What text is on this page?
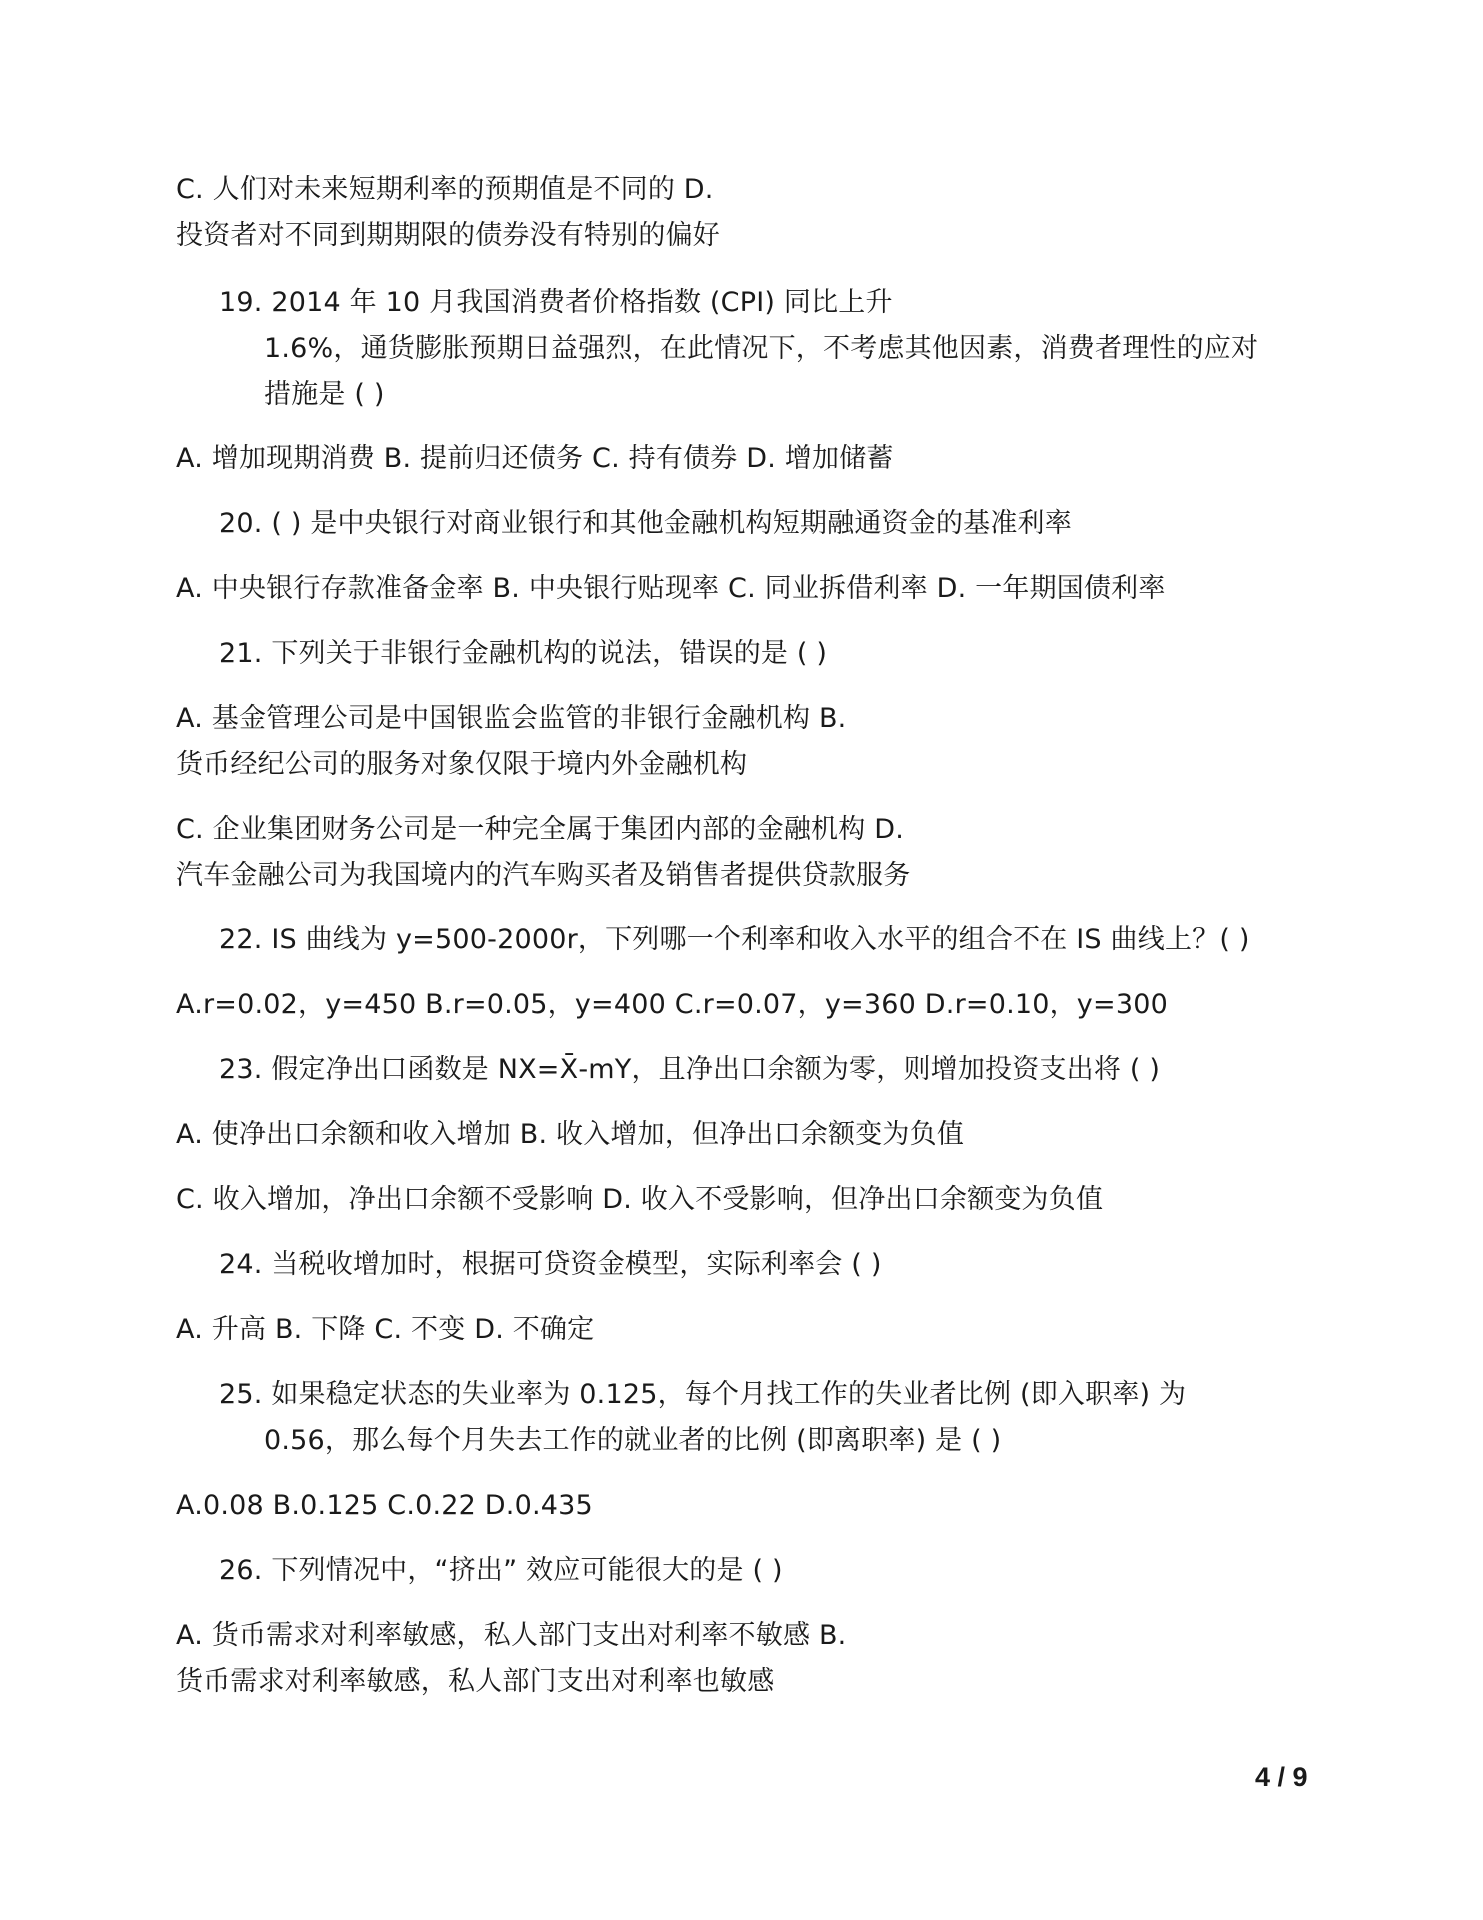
C. 人们对未来短期利率的预期值是不同的 D.
投资者对不同到期期限的债券没有特别的偏好
19. 2014 年 10 月我国消费者价格指数 (CPI) 同比上升
1.6%，通货膨胀预期日益强烈，在此情况下，不考虑其他因素，消费者理性的应对
措施是 ( )
A. 增加现期消费 B. 提前归还债务 C. 持有债券 D. 增加储蓄
20. ( ) 是中央银行对商业银行和其他金融机构短期融通资金的基准利率
A. 中央银行存款准备金率 B. 中央银行贴现率 C. 同业拆借利率 D. 一年期国债利率
21. 下列关于非银行金融机构的说法，错误的是 ( )
A. 基金管理公司是中国银监会监管的非银行金融机构 B.
货币经纪公司的服务对象仅限于境内外金融机构
C. 企业集团财务公司是一种完全属于集团内部的金融机构 D.
汽车金融公司为我国境内的汽车购买者及销售者提供贷款服务
22. IS 曲线为 y=500-2000r，下列哪一个利率和收入水平的组合不在 IS 曲线上？( )
A.r=0.02，y=450 B.r=0.05，y=400 C.r=0.07，y=360 D.r=0.10，y=300
23. 假定净出口函数是 NX=X̄-mY，且净出口余额为零，则增加投资支出将 ( )
A. 使净出口余额和收入增加 B. 收入增加，但净出口余额变为负值
C. 收入增加，净出口余额不受影响 D. 收入不受影响，但净出口余额变为负值
24. 当税收增加时，根据可贷资金模型，实际利率会 ( )
A. 升高 B. 下降 C. 不变 D. 不确定
25. 如果稳定状态的失业率为 0.125，每个月找工作的失业者比例 (即入职率) 为
0.56，那么每个月失去工作的就业者的比例 (即离职率) 是 ( )
A.0.08 B.0.125 C.0.22 D.0.435
26. 下列情况中，“挤出” 效应可能很大的是 ( )
A. 货币需求对利率敏感，私人部门支出对利率不敏感 B.
货币需求对利率敏感，私人部门支出对利率也敏感
4 / 9
